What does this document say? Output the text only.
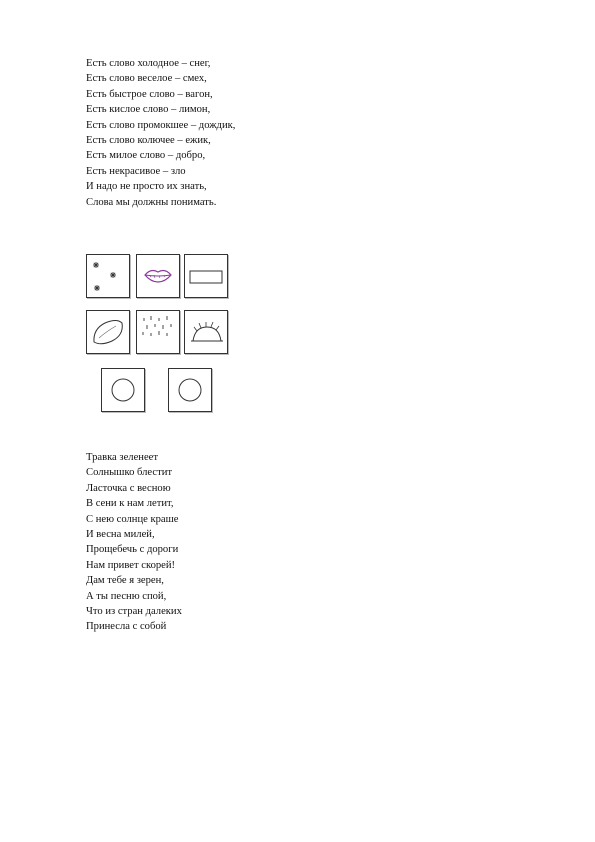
Есть слово холодное – снег,
Есть слово веселое – смех,
Есть быстрое слово – вагон,
Есть кислое слово – лимон,
Есть слово промокшее – дождик,
Есть слово колючее – ежик,
Есть милое слово – добро,
Есть некрасивое – зло
И надо не просто их знать,
Слова мы должны понимать.
Травка зеленеет
Солнышко блестит
Ласточка с весною
В сени к нам летит,
С нею солнце краше
И весна милей,
Прощебечь с дороги
Нам привет скорей!
Дам тебе я зерен,
А ты песню спой,
Что из стран далеких
Принесла с собой
